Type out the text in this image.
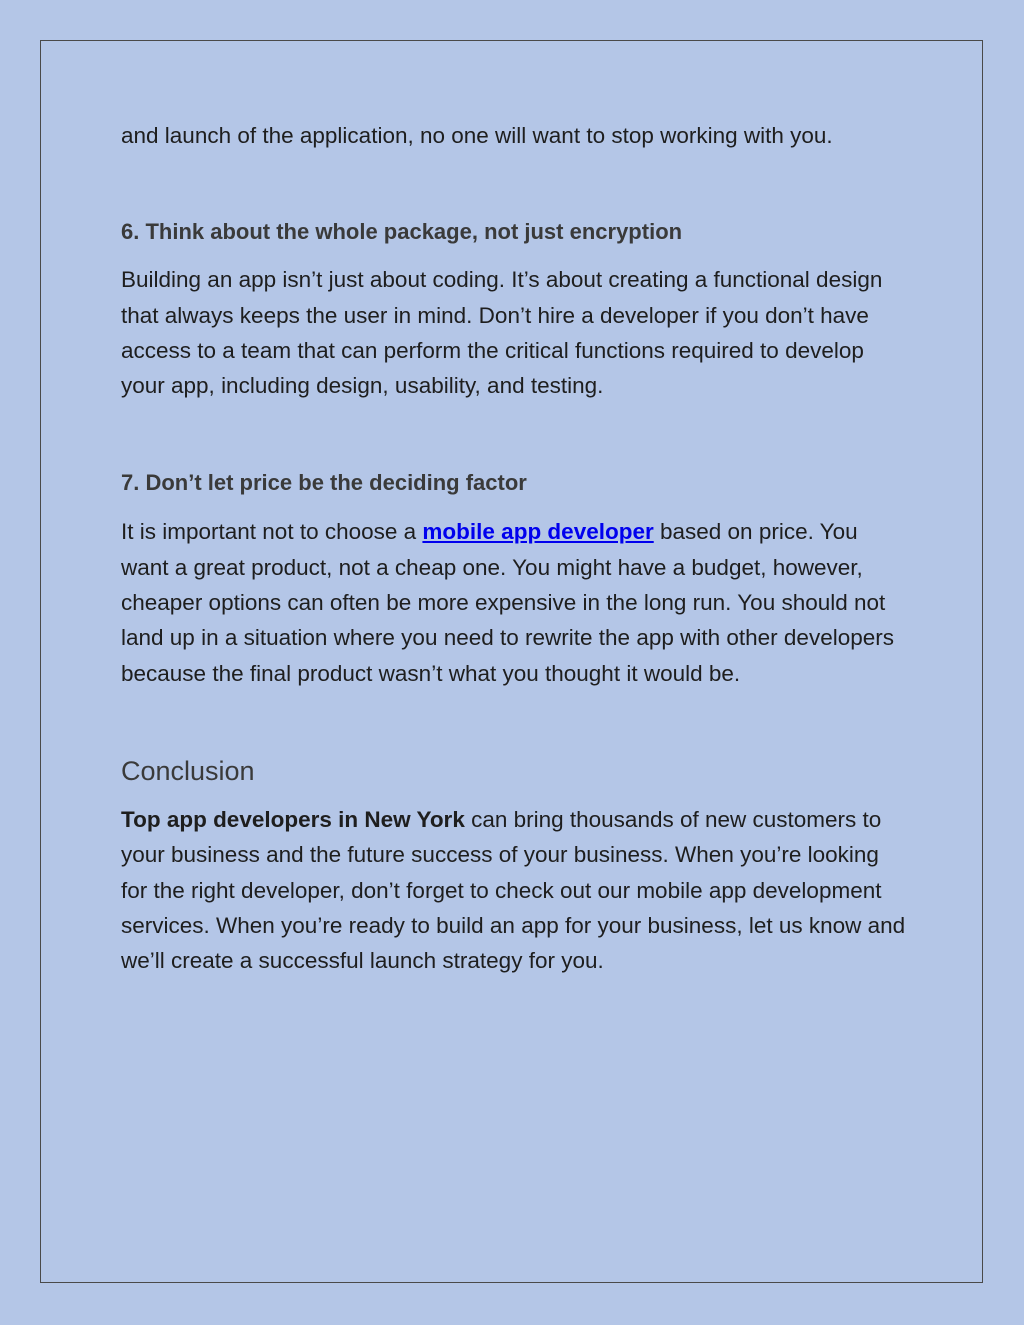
and launch of the application, no one will want to stop working with you.

6. Think about the whole package, not just encryption

Building an app isn’t just about coding. It’s about creating a functional design that always keeps the user in mind. Don’t hire a developer if you don’t have access to a team that can perform the critical functions required to develop your app, including design, usability, and testing.

7. Don’t let price be the deciding factor

It is important not to choose a mobile app developer based on price. You want a great product, not a cheap one. You might have a budget, however, cheaper options can often be more expensive in the long run. You should not land up in a situation where you need to rewrite the app with other developers because the final product wasn’t what you thought it would be.

Conclusion

Top app developers in New York can bring thousands of new customers to your business and the future success of your business. When you’re looking for the right developer, don’t forget to check out our mobile app development services. When you’re ready to build an app for your business, let us know and we’ll create a successful launch strategy for you.
